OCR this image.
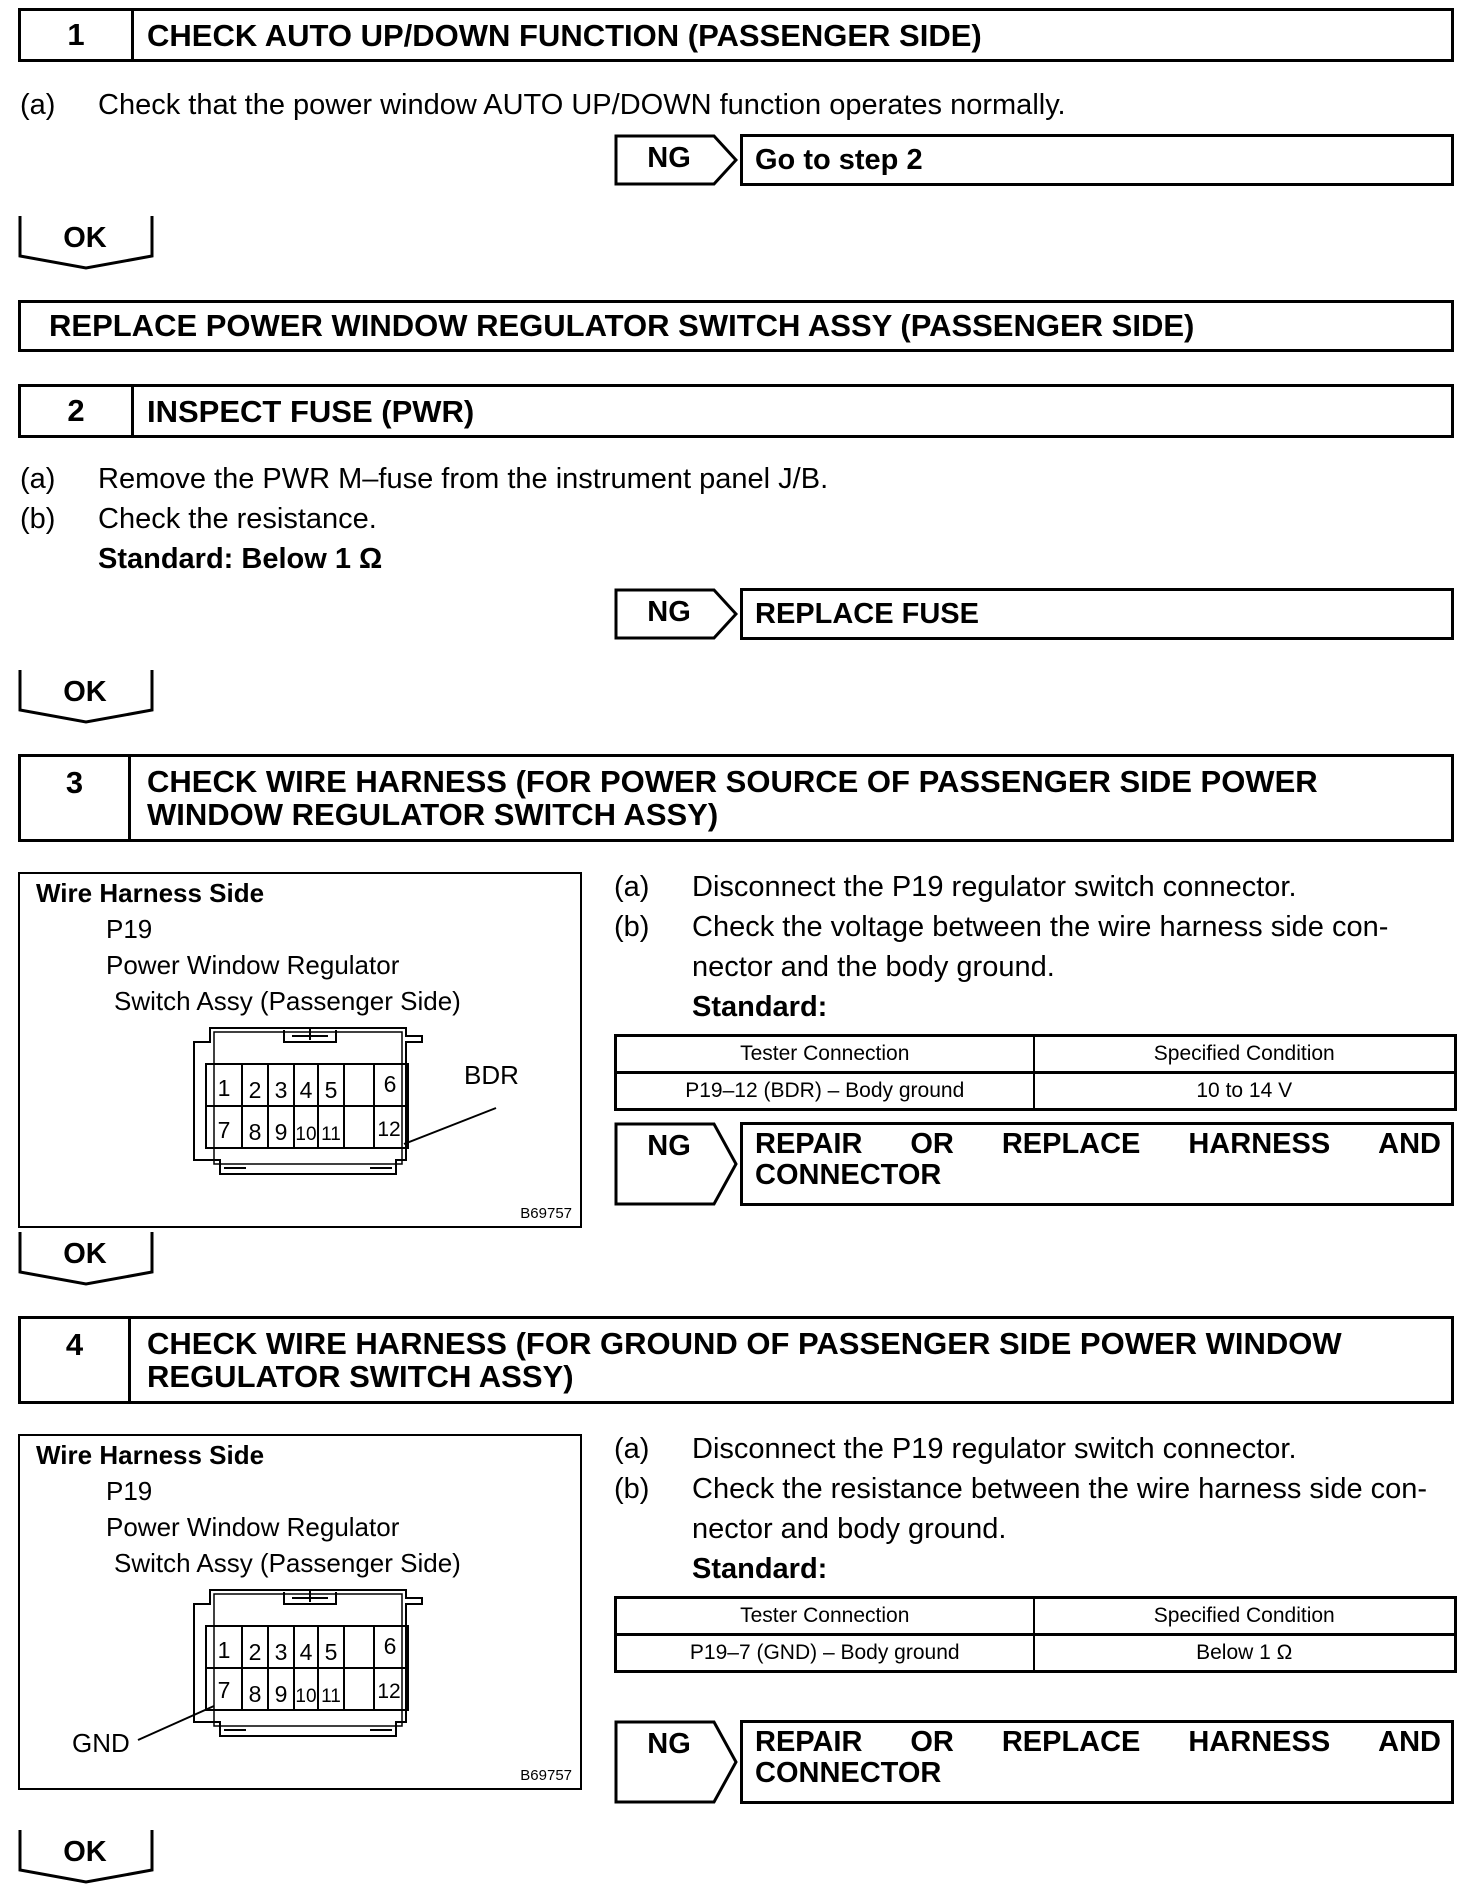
1	CHECK AUTO UP/DOWN FUNCTION (PASSENGER SIDE)
(a) Check that the power window AUTO UP/DOWN function operates normally.
NG	Go to step 2
OK
REPLACE POWER WINDOW REGULATOR SWITCH ASSY (PASSENGER SIDE)
2	INSPECT FUSE (PWR)
(a) Remove the PWR M–fuse from the instrument panel J/B.
(b) Check the resistance.
Standard: Below 1 Ω
NG	REPLACE FUSE
OK
3 CHECK WIRE HARNESS (FOR POWER SOURCE OF PASSENGER SIDE POWER
WINDOW REGULATOR SWITCH ASSY)
Wire Harness Side
P19
Power Window Regulator
Switch Assy (Passenger Side)
1 2 3 4 5 6
7 8 9 10 11 12
BDR
B69757
(a) Disconnect the P19 regulator switch connector.
(b) Check the voltage between the wire harness side con-
nector and the body ground.
Standard:
Tester Connection	Specified Condition
P19–12 (BDR) – Body ground	10 to 14 V
NG	REPAIR OR REPLACE HARNESS AND
CONNECTOR
OK
4 CHECK WIRE HARNESS (FOR GROUND OF PASSENGER SIDE POWER WINDOW
REGULATOR SWITCH ASSY)
Wire Harness Side
P19
Power Window Regulator
Switch Assy (Passenger Side)
1 2 3 4 5 6
7 8 9 10 11 12
GND
B69757
(a) Disconnect the P19 regulator switch connector.
(b) Check the resistance between the wire harness side con-
nector and body ground.
Standard:
Tester Connection	Specified Condition
P19–7 (GND) – Body ground	Below 1 Ω
NG	REPAIR OR REPLACE HARNESS AND
CONNECTOR
OK
